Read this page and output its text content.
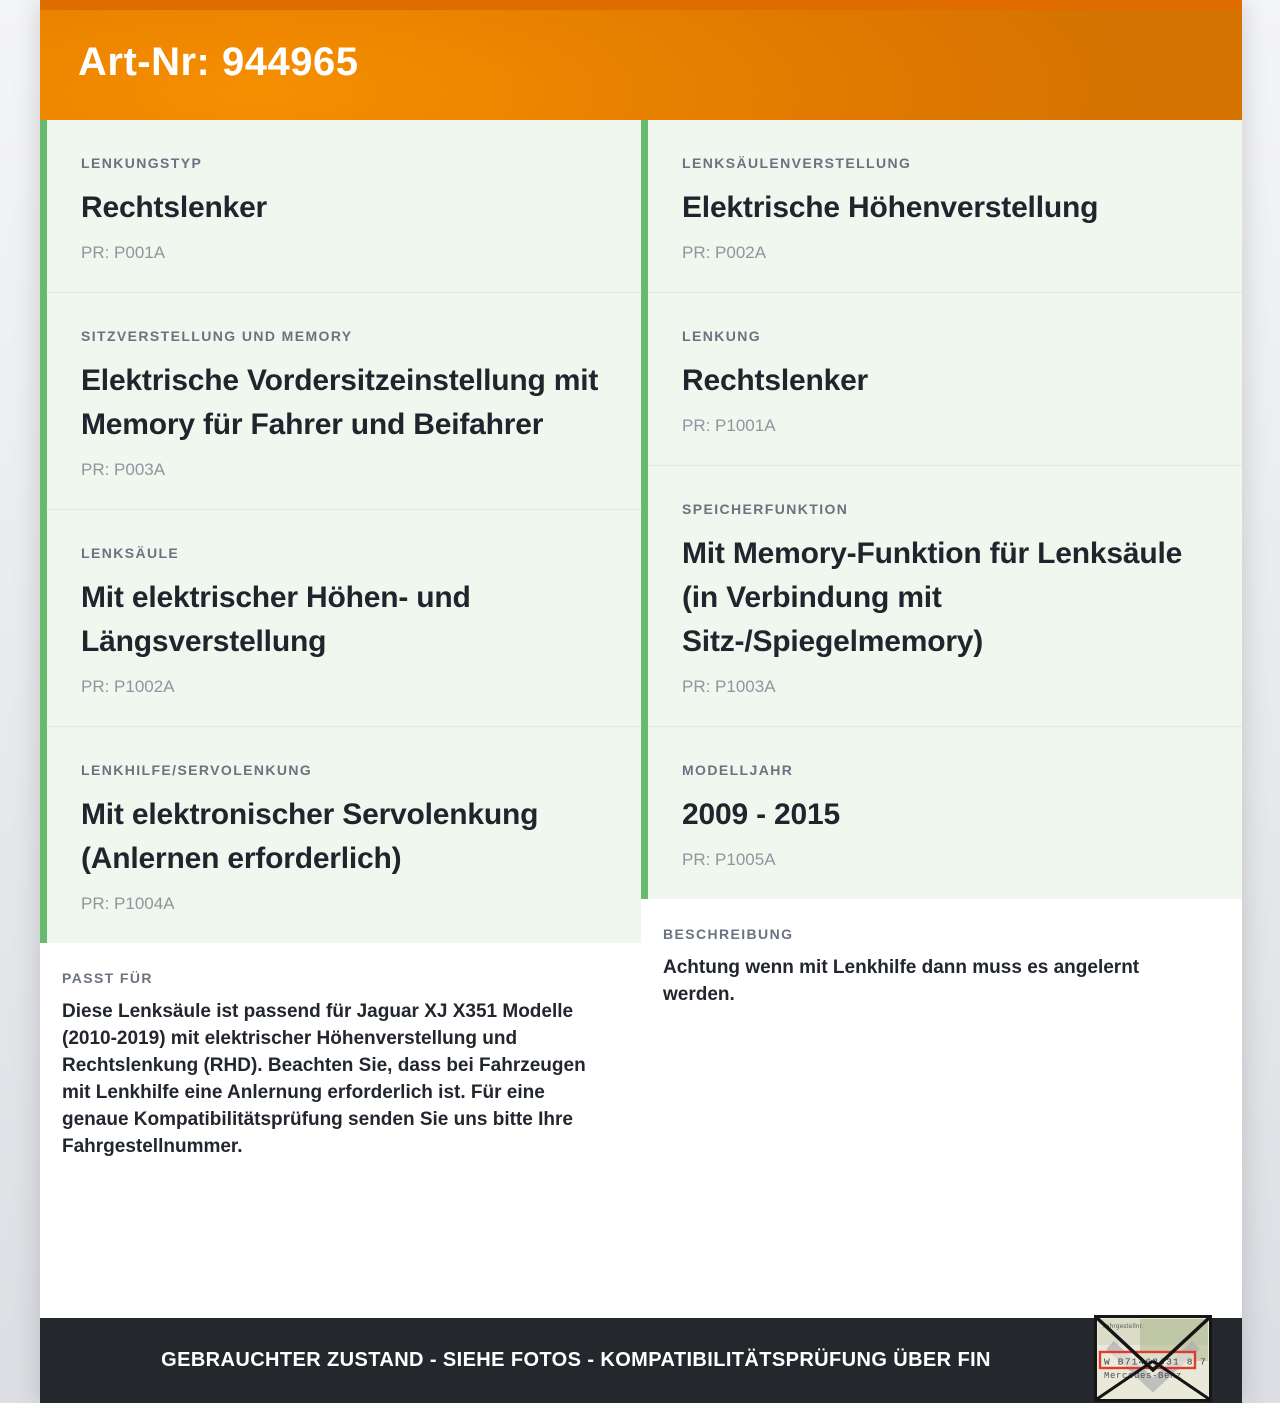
Art-Nr: 944965
LENKUNGSTYP
Rechtslenker
PR: P001A
SITZVERSTELLUNG UND MEMORY
Elektrische Vordersitzeinstellung mit Memory für Fahrer und Beifahrer
PR: P003A
LENKSÄULE
Mit elektrischer Höhen- und Längsverstellung
PR: P1002A
LENKHILFE/SERVOLENKUNG
Mit elektronischer Servolenkung (Anlernen erforderlich)
PR: P1004A
PASST FÜR

Diese Lenksäule ist passend für Jaguar XJ X351 Modelle (2010-2019) mit elektrischer Höhenverstellung und Rechtslenkung (RHD). Beachten Sie, dass bei Fahrzeugen mit Lenkhilfe eine Anlernung erforderlich ist. Für eine genaue Kompatibilitätsprüfung senden Sie uns bitte Ihre Fahrgestellnummer.

LENKSÄULENVERSTELLUNG
Elektrische Höhenverstellung
PR: P002A
LENKUNG
Rechtslenker
PR: P1001A
SPEICHERFUNKTION
Mit Memory-Funktion für Lenksäule (in Verbindung mit Sitz-/Spiegelmemory)
PR: P1003A
MODELLJAHR
2009 - 2015
PR: P1005A
BESCHREIBUNG

Achtung wenn mit Lenkhilfe dann muss es angelernt werden.

GEBRAUCHTER ZUSTAND - SIEHE FOTOS - KOMPATIBILITÄTSPRÜFUNG ÜBER FIN
Fahrgestellnr.
W B71463J31 8 7
Mercedes-Benz
